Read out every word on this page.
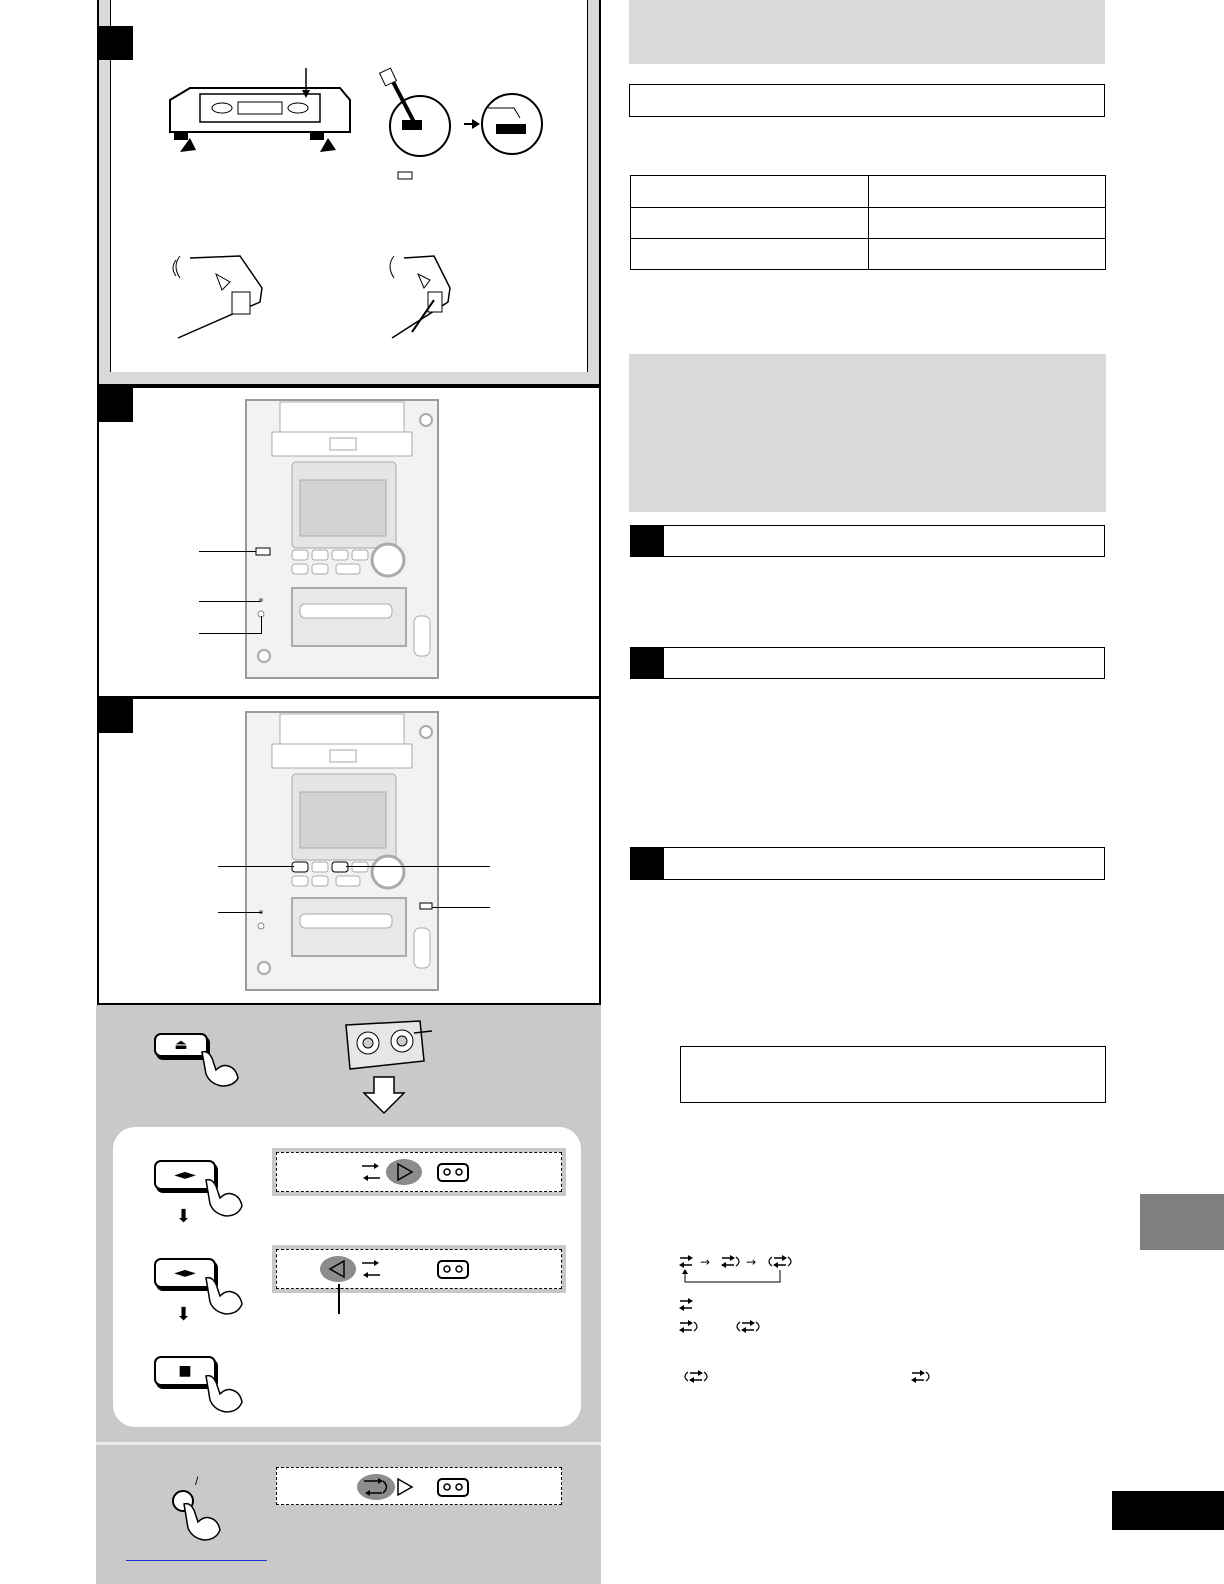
⏏
◄►
⬇
◄►
⬇
■
/

→	→
